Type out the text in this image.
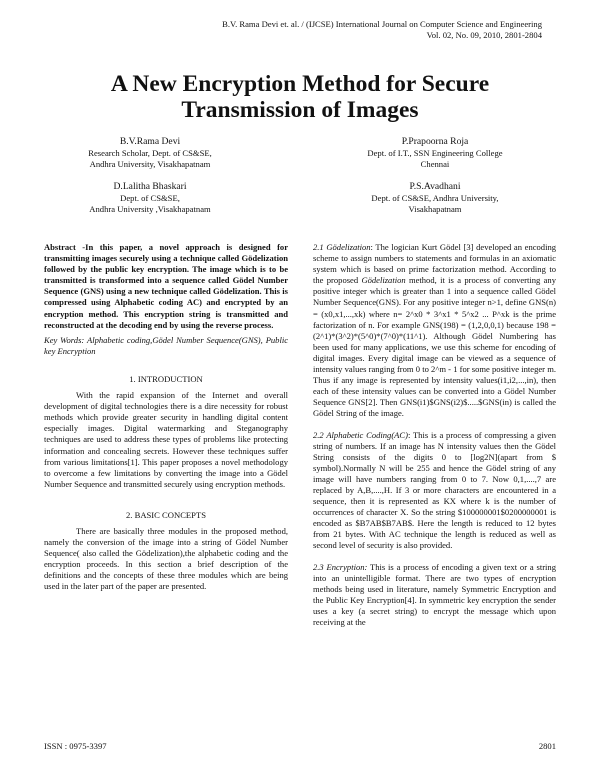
B.V. Rama Devi et. al. / (IJCSE) International Journal on Computer Science and Engineering
Vol. 02, No. 09, 2010, 2801-2804
A New Encryption Method for Secure
Transmission of Images
B.V.Rama Devi
Research Scholar, Dept. of CS&SE,
Andhra University, Visakhapatnam
P.Prapoorna Roja
Dept. of I.T., SSN Engineering College
Chennai
D.Lalitha Bhaskari
Dept. of CS&SE,
Andhra University ,Visakhapatnam
P.S.Avadhani
Dept. of CS&SE, Andhra University,
Visakhapatnam

Abstract -In this paper, a novel approach is designed for transmitting images securely using a technique called Gödelization followed by the public key encryption. The image which is to be transmitted is transformed into a sequence called Gödel Number Sequence (GNS) using a new technique called Gödelization. This is compressed using Alphabetic coding AC) and encrypted by an encryption method. This encryption string is transmitted and reconstructed at the decoding end by using the reverse process.

Key Words: Alphabetic coding,Gödel Number Sequence(GNS), Public key Encryption

1. INTRODUCTION

With the rapid expansion of the Internet and overall development of digital technologies there is a dire necessity for robust methods which provide greater security in handling digital content especially images. Digital watermarking and Steganography techniques are used to address these types of problems like protecting information and concealing secrets. However these techniques suffer from various limitations[1]. This paper proposes a novel methodology to overcome a few limitations by converting the image into a Gödel Number Sequence and transmitted securely using encryption methods.

2. BASIC CONCEPTS

There are basically three modules in the proposed method, namely the conversion of the image into a string of Gödel Number Sequence( also called the Gödelization),the alphabetic coding and the encryption proceeds. In this section a brief description of the definitions and the concepts of these three modules which are being used in the later part of the paper are presented.

2.1 Gödelization: The logician Kurt Gödel [3] developed an encoding scheme to assign numbers to statements and formulas in an axiomatic system which is based on prime factorization method. According to the proposed Gödelization method, it is a process of converting any positive integer which is greater than 1 into a sequence called Gödel Number Sequence(GNS). For any positive integer n>1, define GNS(n) = (x0,x1,...,xk) where n= 2^x0 * 3^x1 * 5^x2 ... P^xk is the prime factorization of n. For example GNS(198) = (1,2,0,0,1) because 198 = (2^1)*(3^2)*(5^0)*(7^0)*(11^1). Although Gödel Numbering has been used for many applications, we use this scheme for encoding of digital images. Every digital image can be viewed as a sequence of intensity values ranging from 0 to 2^m - 1 for some positive integer m. Thus if any image is represented by intensity values(i1,i2,...,in), then each of these intensity values can be converted into a Gödel Number Sequence GNS[2]. Then GNS(i1)$GNS(i2)$.....$GNS(in) is called the Gödel String of the image.

2.2 Alphabetic Coding(AC): This is a process of compressing a given string of numbers. If an image has N intensity values then the Gödel String consists of the digits 0 to [log2N](apart from $ symbol).Normally N will be 255 and hence the Gödel string of any image will have numbers ranging from 0 to 7. Now 0,1,....,7 are replaced by A,B,....,H. If 3 or more characters are encountered in a sequence, then it is represented as KX where k is the number of occurrences of character X. So the string $100000001$0200000001 is encoded as $B7AB$B7AB$. Here the length is reduced to 12 bytes from 21 bytes. With AC technique the length is reduced as well as second level of security is also provided.

2.3 Encryption: This is a process of encoding a given text or a string into an unintelligible format. There are two types of encryption methods being used in literature, namely Symmetric Encryption and the Public Key Encryption[4]. In symmetric key encryption the sender uses a key (a secret string) to encrypt the message which upon receiving at the

ISSN : 0975-3397	2801
